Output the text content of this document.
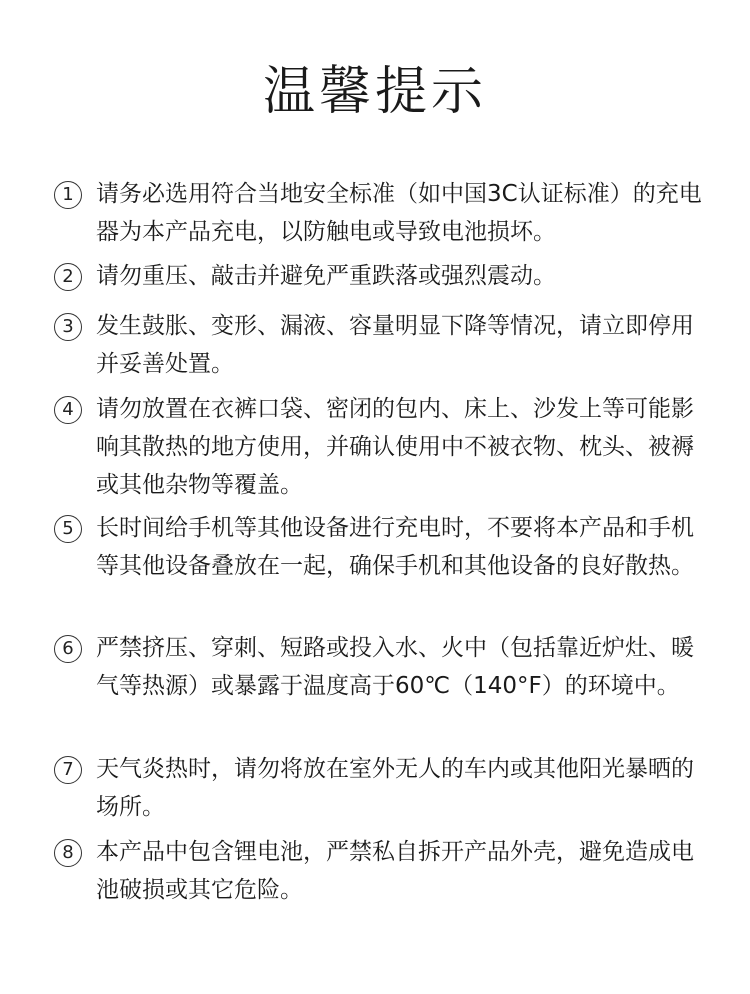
温馨提示
1 请务必选用符合当地安全标准（如中国3C认证标准）的充电器为本产品充电，以防触电或导致电池损坏。
2 请勿重压、敲击并避免严重跌落或强烈震动。
3 发生鼓胀、变形、漏液、容量明显下降等情况，请立即停用并妥善处置。
4 请勿放置在衣裤口袋、密闭的包内、床上、沙发上等可能影响其散热的地方使用，并确认使用中不被衣物、枕头、被褥或其他杂物等覆盖。
5 长时间给手机等其他设备进行充电时，不要将本产品和手机等其他设备叠放在一起，确保手机和其他设备的良好散热。
6 严禁挤压、穿刺、短路或投入水、火中（包括靠近炉灶、暖气等热源）或暴露于温度高于60℃（140°F）的环境中。
7 天气炎热时，请勿将放在室外无人的车内或其他阳光暴晒的场所。
8 本产品中包含锂电池，严禁私自拆开产品外壳，避免造成电池破损或其它危险。
